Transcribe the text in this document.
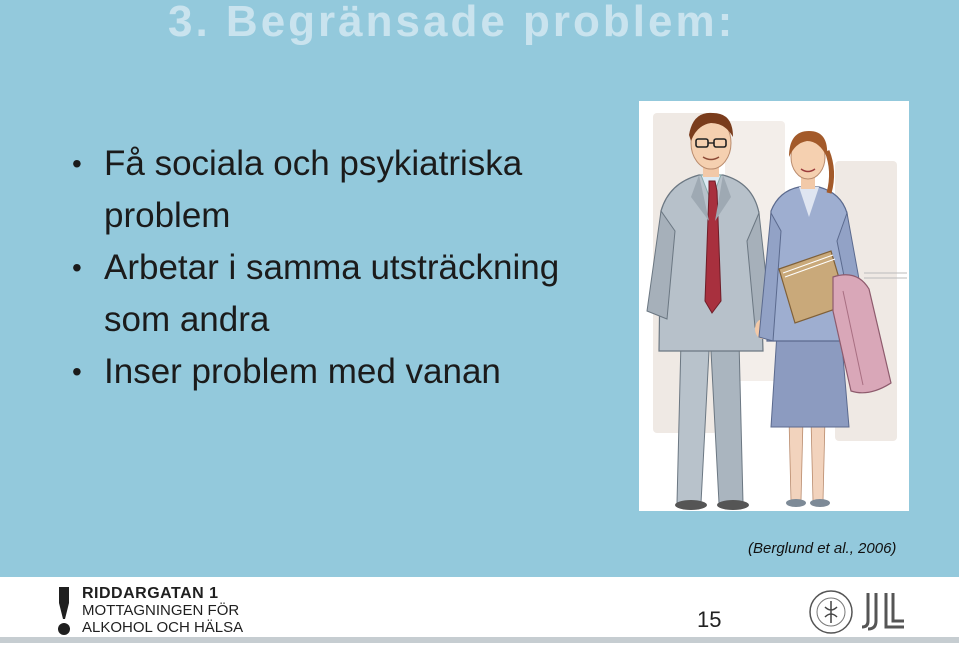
3. Begränsade problem:
• Få sociala och psykiatriska problem
• Arbetar i samma utsträckning som andra
• Inser problem med vanan
(Berglund et al., 2006)
RIDDARGATAN 1
MOTTAGNINGEN FÖR
ALKOHOL OCH HÄLSA	15
